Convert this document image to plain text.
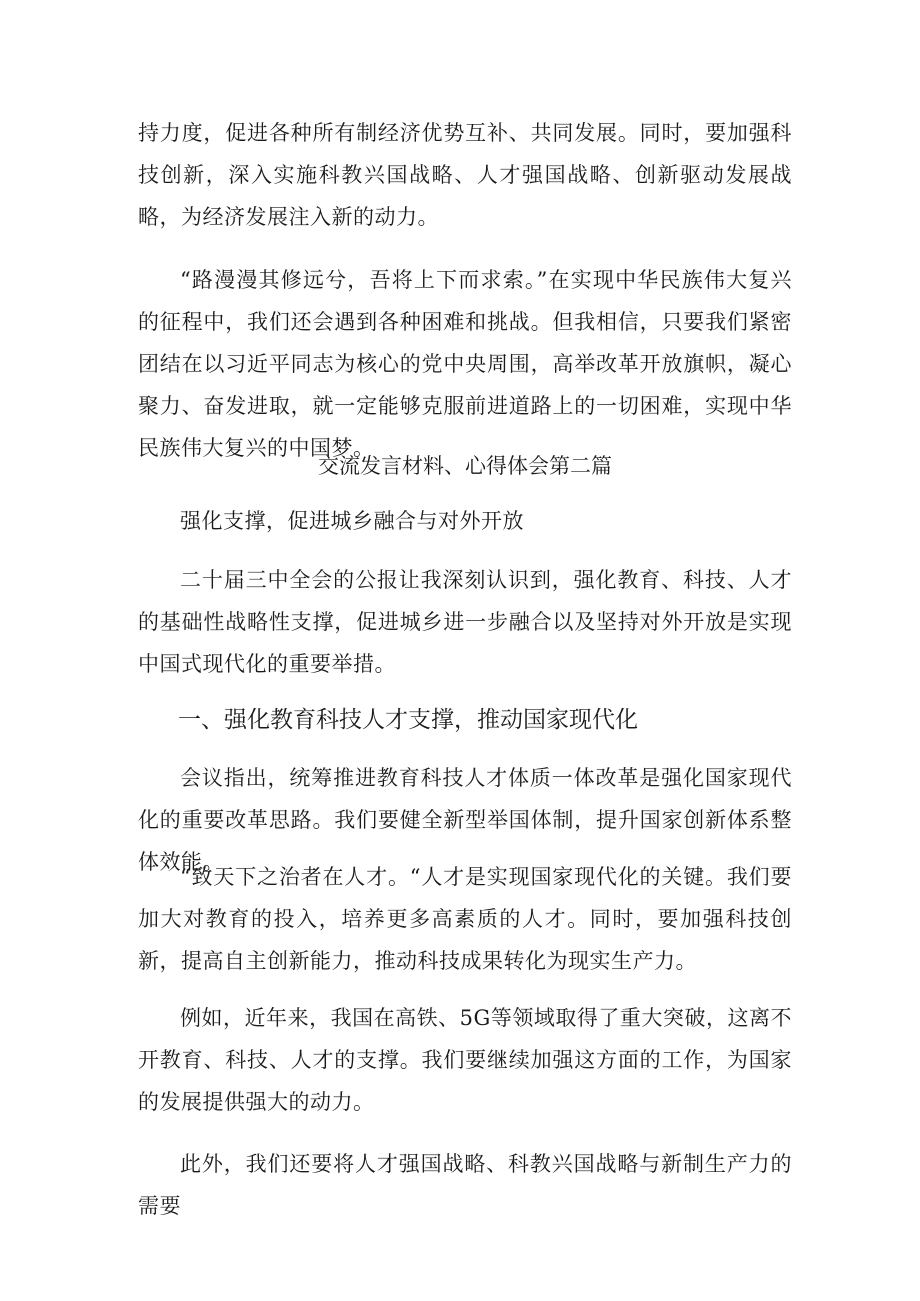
持力度，促进各种所有制经济优势互补、共同发展。同时，要加强科技创新，深入实施科教兴国战略、人才强国战略、创新驱动发展战略，为经济发展注入新的动力。

“路漫漫其修远兮，吾将上下而求索。”在实现中华民族伟大复兴的征程中，我们还会遇到各种困难和挑战。但我相信，只要我们紧密团结在以习近平同志为核心的党中央周围，高举改革开放旗帜，凝心聚力、奋发进取，就一定能够克服前进道路上的一切困难，实现中华民族伟大复兴的中国梦。

交流发言材料、心得体会第二篇

强化支撑，促进城乡融合与对外开放

二十届三中全会的公报让我深刻认识到，强化教育、科技、人才的基础性战略性支撑，促进城乡进一步融合以及坚持对外开放是实现中国式现代化的重要举措。

一、强化教育科技人才支撑，推动国家现代化

会议指出，统筹推进教育科技人才体质一体改革是强化国家现代化的重要改革思路。我们要健全新型举国体制，提升国家创新体系整体效能。

“致天下之治者在人才。“人才是实现国家现代化的关键。我们要加大对教育的投入，培养更多高素质的人才。同时，要加强科技创新，提高自主创新能力，推动科技成果转化为现实生产力。

例如，近年来，我国在高铁、5G等领域取得了重大突破，这离不开教育、科技、人才的支撑。我们要继续加强这方面的工作，为国家的发展提供强大的动力。

此外，我们还要将人才强国战略、科教兴国战略与新制生产力的需要
